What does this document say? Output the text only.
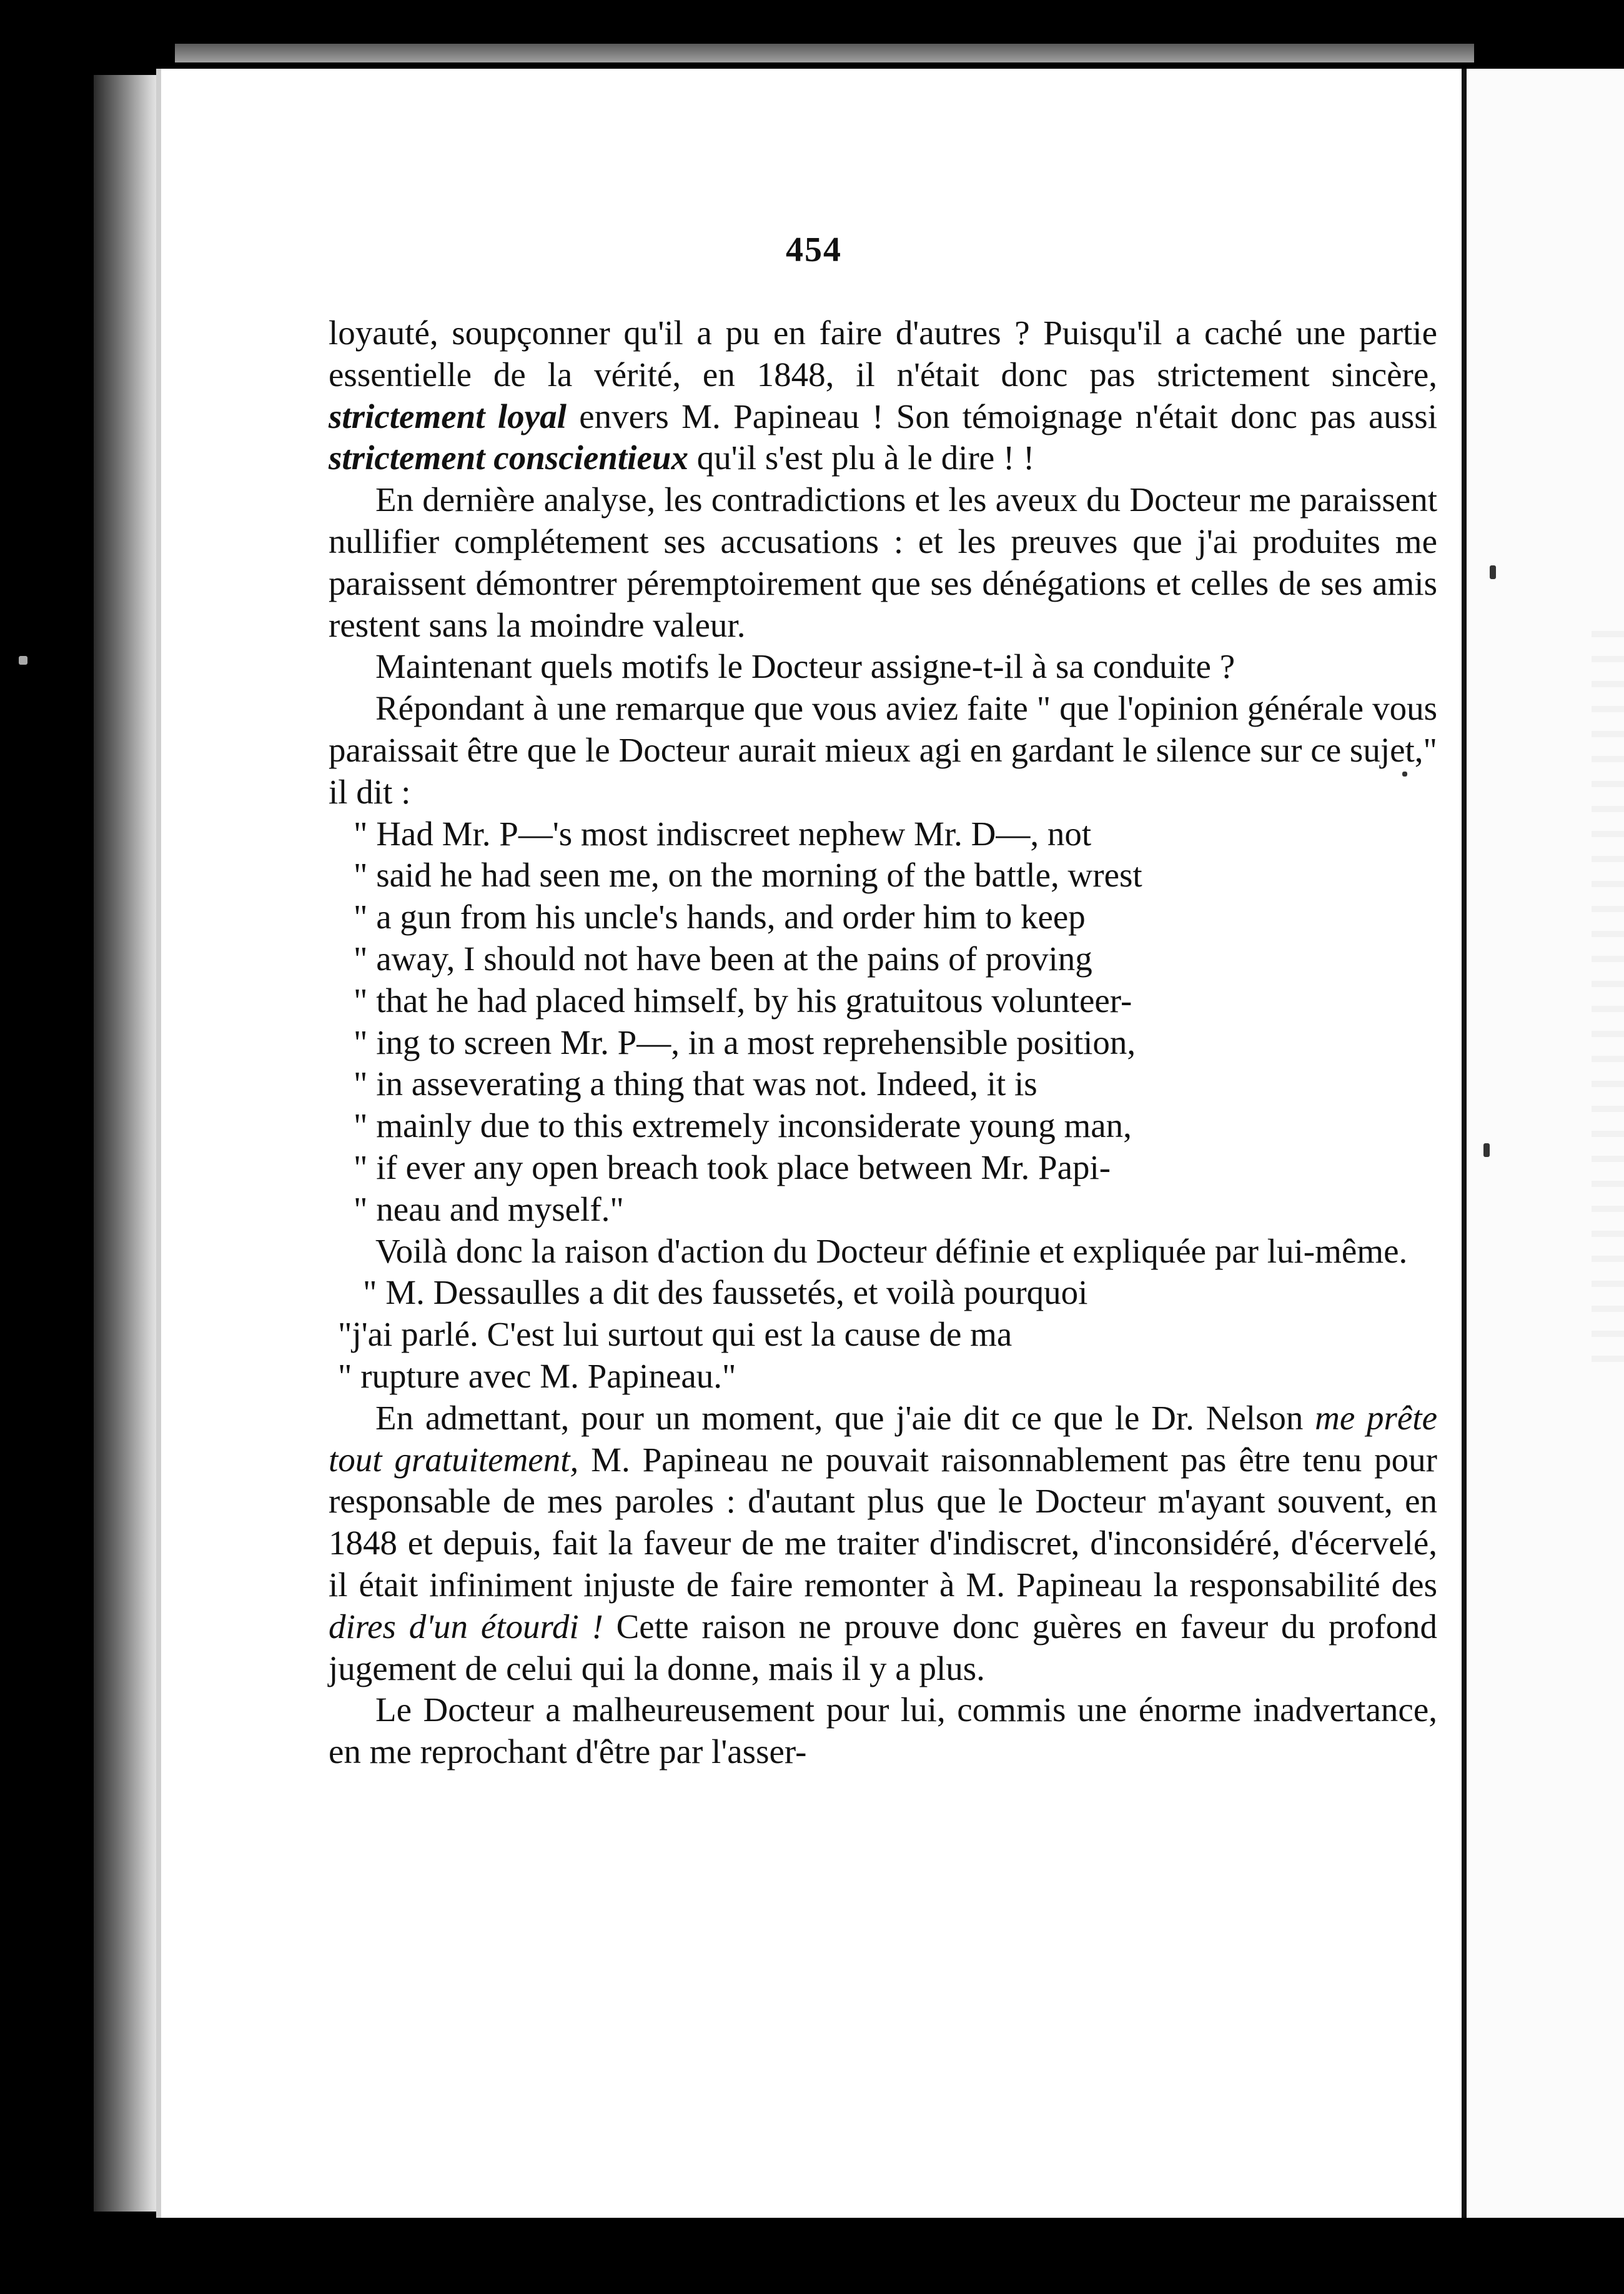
454

loyauté, soupçonner qu'il a pu en faire d'autres ? Puisqu'il a caché une partie essentielle de la vérité, en 1848, il n'était donc pas strictement sincère, strictement loyal envers M. Papineau ! Son témoignage n'était donc pas aussi strictement conscientieux qu'il s'est plu à le dire ! !

En dernière analyse, les contradictions et les aveux du Docteur me paraissent nullifier complétement ses accusations : et les preuves que j'ai produites me paraissent démontrer péremptoirement que ses dénégations et celles de ses amis restent sans la moindre valeur.

Maintenant quels motifs le Docteur assigne-t-il à sa conduite ?

Répondant à une remarque que vous aviez faite " que l'opinion générale vous paraissait être que le Docteur aurait mieux agi en gardant le silence sur ce sujet," il dit :

" Had Mr. P—'s most indiscreet nephew Mr. D—, not
" said he had seen me, on the morning of the battle, wrest
" a gun from his uncle's hands, and order him to keep
" away, I should not have been at the pains of proving
" that he had placed himself, by his gratuitous volunteer-
" ing to screen Mr. P—, in a most reprehensible position,
" in asseverating a thing that was not. Indeed, it is
" mainly due to this extremely inconsiderate young man,
" if ever any open breach took place between Mr. Papi-
" neau and myself."

Voilà donc la raison d'action du Docteur définie et expliquée par lui-même.

" M. Dessaulles a dit des faussetés, et voilà pourquoi
"j'ai parlé. C'est lui surtout qui est la cause de ma
" rupture avec M. Papineau."

En admettant, pour un moment, que j'aie dit ce que le Dr. Nelson me prête tout gratuitement, M. Papineau ne pouvait raisonnablement pas être tenu pour responsable de mes paroles : d'autant plus que le Docteur m'ayant souvent, en 1848 et depuis, fait la faveur de me traiter d'indiscret, d'inconsidéré, d'écervelé, il était infiniment injuste de faire remonter à M. Papineau la responsabilité des dires d'un étourdi ! Cette raison ne prouve donc guères en faveur du profond jugement de celui qui la donne, mais il y a plus.

Le Docteur a malheureusement pour lui, commis une énorme inadvertance, en me reprochant d'être par l'asser-
